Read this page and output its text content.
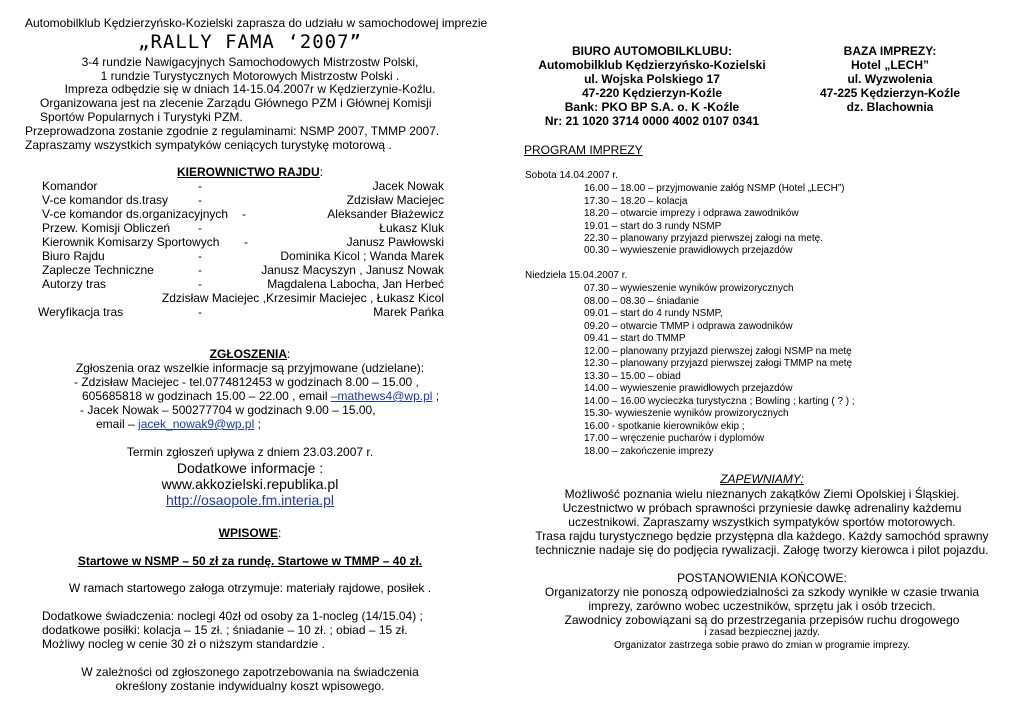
Automobilklub Kędzierzyńsko-Kozielski zaprasza do udziału w samochodowej imprezie
„RALLY FAMA ‘2007”
3-4 rundzie Nawigacyjnych Samochodowych Mistrzostw Polski,
1 rundzie Turystycznych Motorowych Mistrzostw Polski .
Impreza odbędzie się w dniach 14-15.04.2007r w Kędzierzynie-Koźlu.
Organizowana jest na zlecenie Zarządu Głównego PZM i Głównej Komisji
Sportów Popularnych i Turystyki PZM.
Przeprowadzona zostanie zgodnie z regulaminami: NSMP 2007, TMMP 2007.
Zapraszamy wszystkich sympatyków ceniących turystykę motorową .
KIEROWNICTWO RAJDU:
Komandor	-	Jacek Nowak
V-ce komandor ds.trasy -	Zdzisław Maciejec
V-ce komandor ds.organizacyjnych -	Aleksander Błażewicz
Przew. Komisji Obliczeń -	Łukasz Kluk
Kierownik Komisarzy Sportowych -	Janusz Pawłowski
Biuro Rajdu	-	Dominika Kicol ; Wanda Marek
Zaplecze Techniczne	-	Janusz Macyszyn , Janusz Nowak
Autorzy tras	-	Magdalena Labocha, Jan Herbeć
Zdzisław Maciejec ,Krzesimir Maciejec , Łukasz Kicol
Weryfikacja tras	-	Marek Pańka
ZGŁOSZENIA:
Zgłoszenia oraz wszelkie informacje są przyjmowane (udzielane):
- Zdzisław Maciejec - tel.0774812453 w godzinach 8.00 – 15.00 ,
605685818 w godzinach 15.00 – 22.00 , email –mathews4@wp.pl ;
- Jacek Nowak – 500277704 w godzinach 9.00 – 15.00,
email – jacek_nowak9@wp.pl ;
Termin zgłoszeń upływa z dniem 23.03.2007 r.
Dodatkowe informacje :
www.akkozielski.republika.pl
http://osaopole.fm.interia.pl
WPISOWE:
Startowe w NSMP – 50 zł za rundę. Startowe w TMMP – 40 zł.
W ramach startowego załoga otrzymuje: materiały rajdowe, posiłek .
Dodatkowe świadczenia: noclegi 40zł od osoby za 1-nocleg (14/15.04) ;
dodatkowe posiłki: kolacja – 15 zł. ; śniadanie – 10 zł. ; obiad – 15 zł.
Możliwy nocleg w cenie 30 zł o niższym standardzie .
W zależności od zgłoszonego zapotrzebowania na świadczenia
określony zostanie indywidualny koszt wpisowego.
BIURO AUTOMOBILKLUBU:
Automobilklub Kędzierzyńsko-Kozielski
ul. Wojska Polskiego 17
47-220 Kędzierzyn-Koźle
Bank: PKO BP S.A. o. K -Koźle
Nr: 21 1020 3714 0000 4002 0107 0341
BAZA IMPREZY:
Hotel „LECH”
ul. Wyzwolenia
47-225 Kędzierzyn-Koźle
dz. Blachownia
PROGRAM IMPREZY
Sobota 14.04.2007 r.
16.00 – 18.00 – przyjmowanie załóg NSMP (Hotel „LECH”)
17.30 – 18.20 – kolacja
18.20 – otwarcie imprezy i odprawa zawodników
19.01 – start do 3 rundy NSMP
22.30 – planowany przyjazd pierwszej załogi na metę.
00.30 – wywieszenie prawidłowych przejazdów
Niedziela 15.04.2007 r.
07.30 – wywieszenie wyników prowizorycznych
08.00 – 08.30 – śniadanie
09.01 – start do 4 rundy NSMP,
09.20 – otwarcie TMMP i odprawa zawodników
09.41 – start do TMMP
12.00 – planowany przyjazd pierwszej załogi NSMP na metę
12.30 – planowany przyjazd pierwszej załogi TMMP na metę
13.30 – 15.00 – obiad
14.00 – wywieszenie prawidłowych przejazdów
14.00 – 16.00 wycieczka turystyczna ; Bowling ; karting ( ? ) ;
15.30- wywieszenie wyników prowizorycznych
16.00 - spotkanie kierowników ekip ;
17.00 – wręczenie pucharów i dyplomów
18.00 – zakończenie imprezy
ZAPEWNIAMY:
Możliwość poznania wielu nieznanych zakątków Ziemi Opolskiej i Śląskiej.
Uczestnictwo w próbach sprawności przyniesie dawkę adrenaliny każdemu
uczestnikowi. Zapraszamy wszystkich sympatyków sportów motorowych.
Trasa rajdu turystycznego będzie przystępna dla każdego. Każdy samochód sprawny
technicznie nadaje się do podjęcia rywalizacji. Załogę tworzy kierowca i pilot pojazdu.
POSTANOWIENIA KOŃCOWE:
Organizatorzy nie ponoszą odpowiedzialności za szkody wynikłe w czasie trwania
imprezy, zarówno wobec uczestników, sprzętu jak i osób trzecich.
Zawodnicy zobowiązani są do przestrzegania przepisów ruchu drogowego
i zasad bezpiecznej jazdy.
Organizator zastrzega sobie prawo do zmian w programie imprezy.
